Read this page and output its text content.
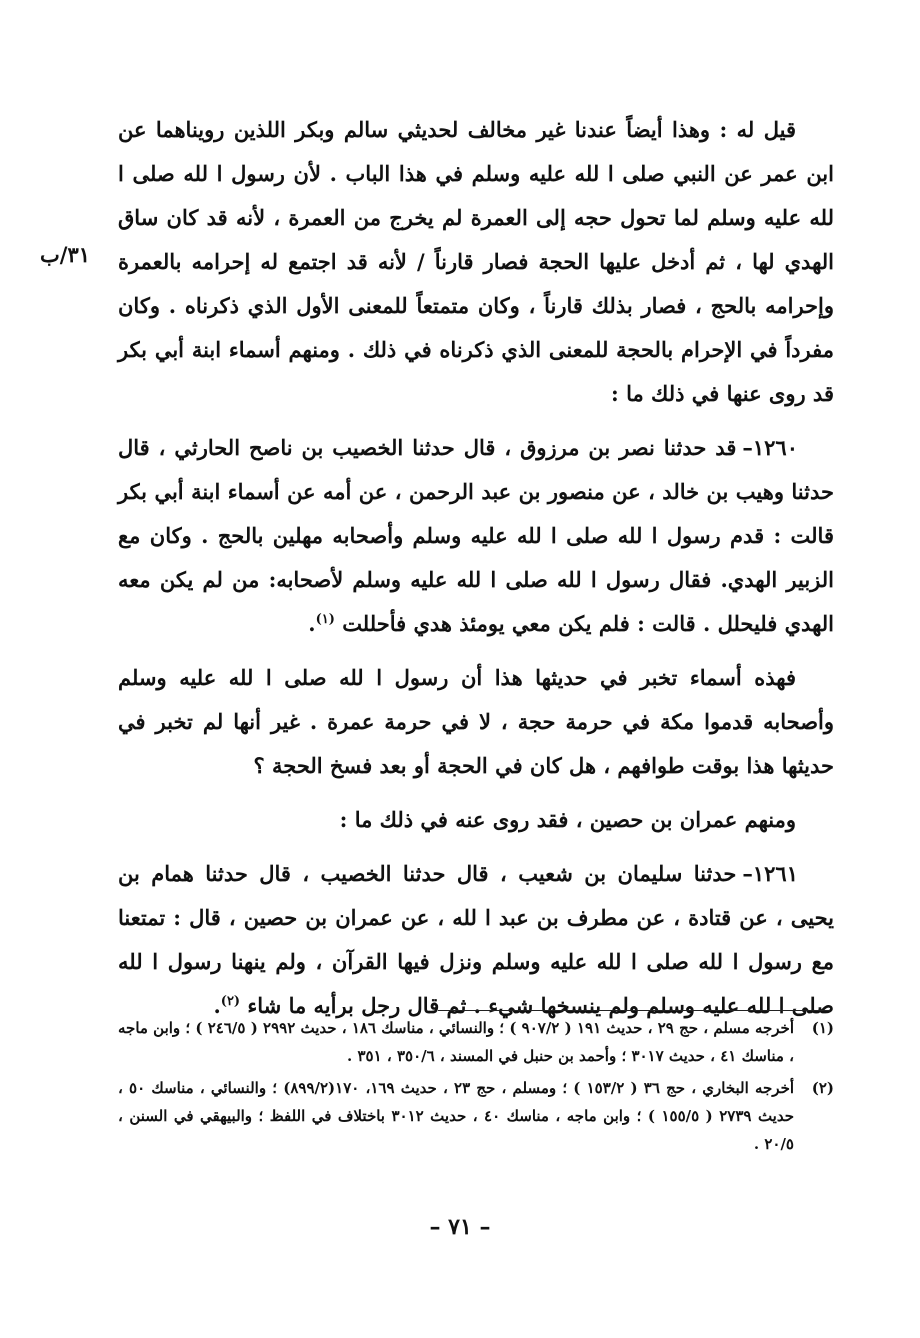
٣١/ب

قيل له : وهذا أيضاً عندنا غير مخالف لحديثي سالم وبكر اللذين رويناهما عن ابن عمر عن النبي صلى ا لله عليه وسلم في هذا الباب . لأن رسول ا لله صلى ا لله عليه وسلم لما تحول حجه إلى العمرة لم يخرج من العمرة ، لأنه قد كان ساق الهدي لها ، ثم أدخل عليها الحجة فصار قارناً / لأنه قد اجتمع له إحرامه بالعمرة وإحرامه بالحج ، فصار بذلك قارناً ، وكان متمتعاً للمعنى الأول الذي ذكرناه . وكان مفرداً في الإحرام بالحجة للمعنى الذي ذكرناه في ذلك . ومنهم أسماء ابنة أبي بكر قد روى عنها في ذلك ما :

١٢٦٠–قد حدثنا نصر بن مرزوق ، قال حدثنا الخصيب بن ناصح الحارثي ، قال حدثنا وهيب بن خالد ، عن منصور بن عبد الرحمن ، عن أمه عن أسماء ابنة أبي بكر قالت : قدم رسول ا لله صلى ا لله عليه وسلم وأصحابه مهلين بالحج . وكان مع الزبير الهدي. فقال رسول ا لله صلى ا لله عليه وسلم لأصحابه: من لم يكن معه الهدي فليحلل . قالت : فلم يكن معي يومئذ هدي فأحللت $^{(١)}$.

فهذه أسماء تخبر في حديثها هذا أن رسول ا لله صلى ا لله عليه وسلم وأصحابه قدموا مكة في حرمة حجة ، لا في حرمة عمرة . غير أنها لم تخبر في حديثها هذا بوقت طوافهم ، هل كان في الحجة أو بعد فسخ الحجة ؟

ومنهم عمران بن حصين ، فقد روى عنه في ذلك ما :

١٢٦١–حدثنا سليمان بن شعيب ، قال حدثنا الخصيب ، قال حدثنا همام بن يحيى ، عن قتادة ، عن مطرف بن عبد ا لله ، عن عمران بن حصين ، قال : تمتعنا مع رسول ا لله صلى ا لله عليه وسلم ونزل فيها القرآن ، ولم ينهنا رسول ا لله صلى ا لله عليه وسلم ولم ينسخها شيء . ثم قال رجل برأيه ما شاء $^{(٢)}$.

(١)
أخرجه مسلم ، حج ٢٩ ، حديث ١٩١ ( ٩٠٧/٢ ) ؛ والنسائي ، مناسك ١٨٦ ، حديث ٢٩٩٢ ( ٢٤٦/٥ ) ؛ وابن ماجه ، مناسك ٤١ ، حديث ٣٠١٧ ؛ وأحمد بن حنبل في المسند ، ٣٥٠/٦ ، ٣٥١ .
(٢)
أخرجه البخاري ، حج ٣٦ ( ١٥٣/٢ ) ؛ ومسلم ، حج ٢٣ ، حديث ١٦٩، ١٧٠(٨٩٩/٢) ؛ والنسائي ، مناسك ٥٠ ، حديث ٢٧٣٩ ( ١٥٥/٥ ) ؛ وابن ماجه ، مناسك ٤٠ ، حديث ٣٠١٢ باختلاف في اللفظ ؛ والبيهقي في السنن ، ٢٠/٥ .
– ٧١ –
